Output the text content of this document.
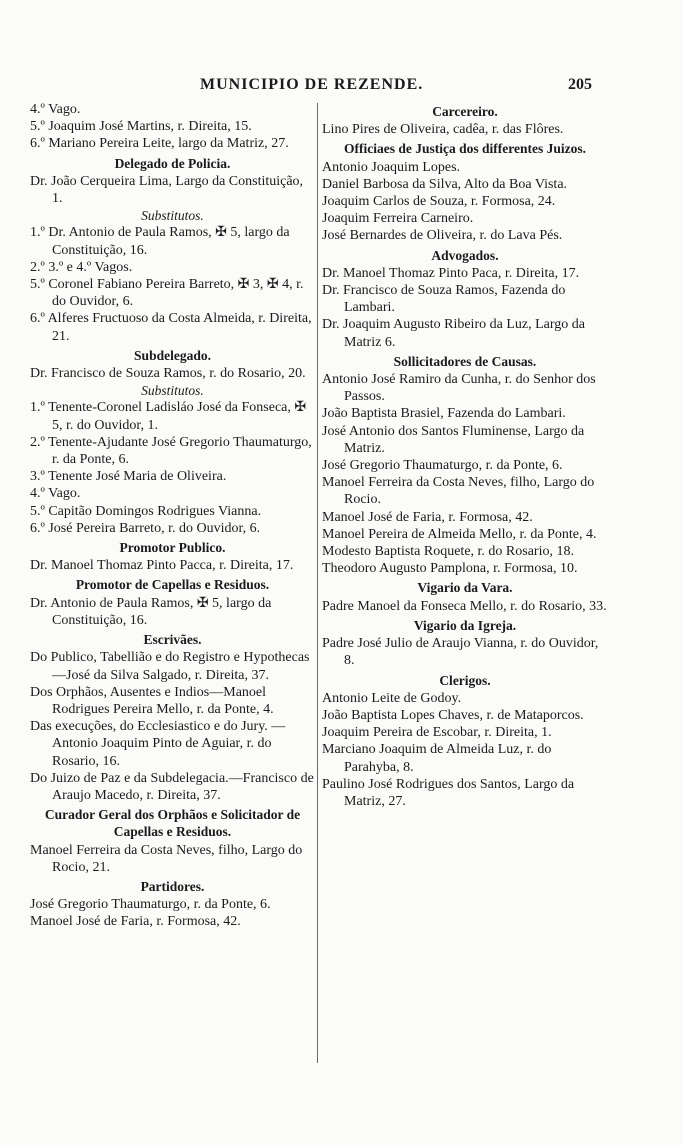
MUNICIPIO DE REZENDE.	205
4.º Vago.
5.º Joaquim José Martins, r. Direita, 15.
6.º Mariano Pereira Leite, largo da Matriz, 27.
Delegado de Policia.
Dr. João Cerqueira Lima, Largo da Constituição, 1.
Substitutos.
1.º Dr. Antonio de Paula Ramos, ✠ 5, largo da Constituição, 16.
2.º 3.º e 4.º Vagos.
5.º Coronel Fabiano Pereira Barreto, ✠ 3, ✠ 4, r. do Ouvidor, 6.
6.º Alferes Fructuoso da Costa Almeida, r. Direita, 21.
Subdelegado.
Dr. Francisco de Souza Ramos, r. do Rosario, 20.
Substitutos.
1.º Tenente-Coronel Ladisláo José da Fonseca, ✠ 5, r. do Ouvidor, 1.
2.º Tenente-Ajudante José Gregorio Thaumaturgo, r. da Ponte, 6.
3.º Tenente José Maria de Oliveira.
4.º Vago.
5.º Capitão Domingos Rodrigues Vianna.
6.º José Pereira Barreto, r. do Ouvidor, 6.
Promotor Publico.
Dr. Manoel Thomaz Pinto Pacca, r. Direita, 17.
Promotor de Capellas e Residuos.
Dr. Antonio de Paula Ramos, ✠ 5, largo da Constituição, 16.
Escrivães.
Do Publico, Tabellião e do Registro e Hypothecas—José da Silva Salgado, r. Direita, 37.
Dos Orphãos, Ausentes e Indios—Manoel Rodrigues Pereira Mello, r. da Ponte, 4.
Das execuções, do Ecclesiastico e do Jury. — Antonio Joaquim Pinto de Aguiar, r. do Rosario, 16.
Do Juizo de Paz e da Subdelegacia.—Francisco de Araujo Macedo, r. Direita, 37.
Curador Geral dos Orphãos e Solicitador de Capellas e Residuos.
Manoel Ferreira da Costa Neves, filho, Largo do Rocio, 21.
Partidores.
José Gregorio Thaumaturgo, r. da Ponte, 6.
Manoel José de Faria, r. Formosa, 42.
Carcereiro.
Lino Pires de Oliveira, cadêa, r. das Flôres.
Officiaes de Justiça dos differentes Juizos.
Antonio Joaquim Lopes.
Daniel Barbosa da Silva, Alto da Boa Vista.
Joaquim Carlos de Souza, r. Formosa, 24.
Joaquim Ferreira Carneiro.
José Bernardes de Oliveira, r. do Lava Pés.
Advogados.
Dr. Manoel Thomaz Pinto Paca, r. Direita, 17.
Dr. Francisco de Souza Ramos, Fazenda do Lambari.
Dr. Joaquim Augusto Ribeiro da Luz, Largo da Matriz 6.
Sollicitadores de Causas.
Antonio José Ramiro da Cunha, r. do Senhor dos Passos.
João Baptista Brasiel, Fazenda do Lambari.
José Antonio dos Santos Fluminense, Largo da Matriz.
José Gregorio Thaumaturgo, r. da Ponte, 6.
Manoel Ferreira da Costa Neves, filho, Largo do Rocio.
Manoel José de Faria, r. Formosa, 42.
Manoel Pereira de Almeida Mello, r. da Ponte, 4.
Modesto Baptista Roquete, r. do Rosario, 18.
Theodoro Augusto Pamplona, r. Formosa, 10.
Vigario da Vara.
Padre Manoel da Fonseca Mello, r. do Rosario, 33.
Vigario da Igreja.
Padre José Julio de Araujo Vianna, r. do Ouvidor, 8.
Clerigos.
Antonio Leite de Godoy.
João Baptista Lopes Chaves, r. de Mataporcos.
Joaquim Pereira de Escobar, r. Direita, 1.
Marciano Joaquim de Almeida Luz, r. do Parahyba, 8.
Paulino José Rodrigues dos Santos, Largo da Matriz, 27.
